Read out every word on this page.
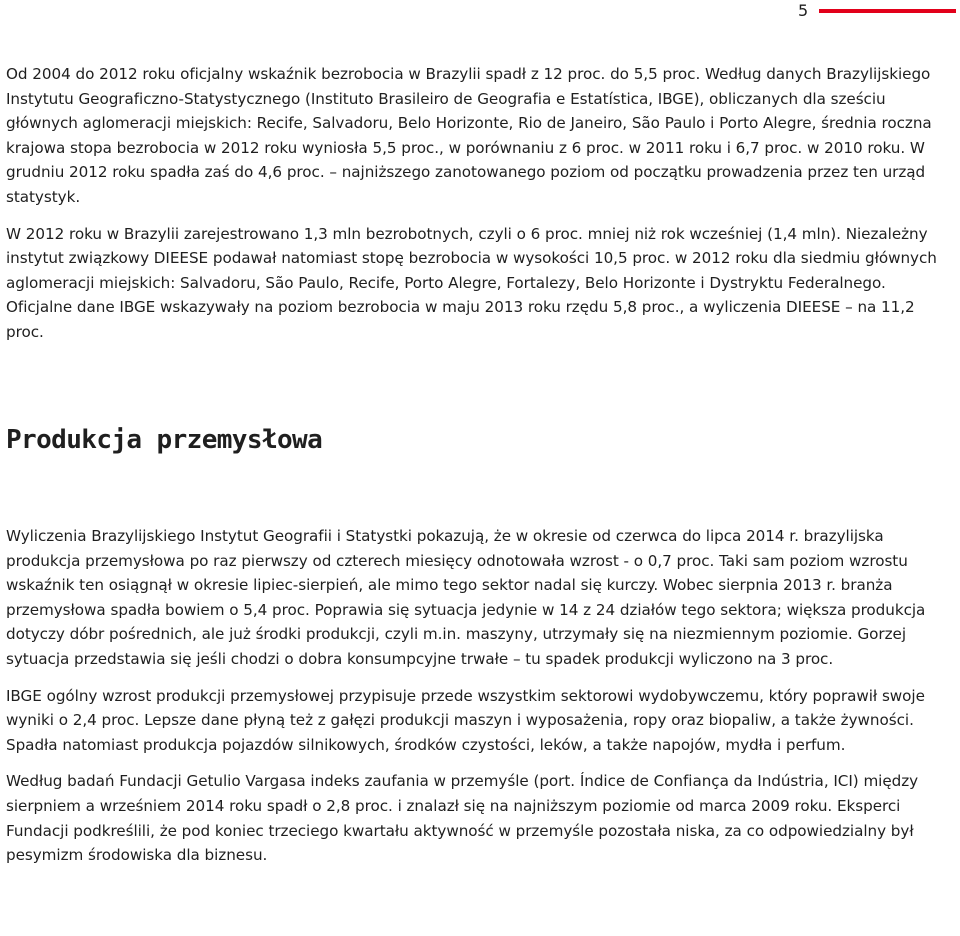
5

Od 2004 do 2012 roku oficjalny wskaźnik bezrobocia w Brazylii spadł z 12 proc. do 5,5 proc. Według danych Brazylijskiego Instytutu Geograficzno-Statystycznego (Instituto Brasileiro de Geografia e Estatística, IBGE), obliczanych dla sześciu głównych aglomeracji miejskich: Recife, Salvadoru, Belo Horizonte, Rio de Janeiro, São Paulo i Porto Alegre, średnia roczna krajowa stopa bezrobocia w 2012 roku wyniosła 5,5 proc., w porównaniu z 6 proc. w 2011 roku i 6,7 proc. w 2010 roku. W grudniu 2012 roku spadła zaś do 4,6 proc. – najniższego zanotowanego poziom od początku prowadzenia przez ten urząd statystyk.

W 2012 roku w Brazylii zarejestrowano 1,3 mln bezrobotnych, czyli o 6 proc. mniej niż rok wcześniej (1,4 mln). Niezależny instytut związkowy DIEESE podawał natomiast stopę bezrobocia w wysokości 10,5 proc. w 2012 roku dla siedmiu głównych aglomeracji miejskich: Salvadoru, São Paulo, Recife, Porto Alegre, Fortalezy, Belo Horizonte i Dystryktu Federalnego. Oficjalne dane IBGE wskazywały na poziom bezrobocia w maju 2013 roku rzędu 5,8 proc., a wyliczenia DIEESE – na 11,2 proc.

Produkcja przemysłowa

Wyliczenia Brazylijskiego Instytut Geografii i Statystki pokazują, że w okresie od czerwca do lipca 2014 r. brazylijska produkcja przemysłowa po raz pierwszy od czterech miesięcy odnotowała wzrost - o 0,7 proc. Taki sam poziom wzrostu wskaźnik ten osiągnął w okresie lipiec-sierpień, ale mimo tego sektor nadal się kurczy. Wobec sierpnia 2013 r. branża przemysłowa spadła bowiem o 5,4 proc. Poprawia się sytuacja jedynie w 14 z 24 działów tego sektora; większa produkcja dotyczy dóbr pośrednich, ale już środki produkcji, czyli m.in. maszyny, utrzymały się na niezmiennym poziomie. Gorzej sytuacja przedstawia się jeśli chodzi o dobra konsumpcyjne trwałe – tu spadek produkcji wyliczono na 3 proc.

IBGE ogólny wzrost produkcji przemysłowej przypisuje przede wszystkim sektorowi wydobywczemu, który poprawił swoje wyniki o 2,4 proc. Lepsze dane płyną też z gałęzi produkcji maszyn i wyposażenia, ropy oraz biopaliw, a także żywności. Spadła natomiast produkcja pojazdów silnikowych, środków czystości, leków, a także napojów, mydła i perfum.

Według badań Fundacji Getulio Vargasa indeks zaufania w przemyśle (port. Índice de Confiança da Indústria, ICI) między sierpniem a wrześniem 2014 roku spadł o 2,8 proc. i znalazł się na najniższym poziomie od marca 2009 roku. Eksperci Fundacji podkreślili, że pod koniec trzeciego kwartału aktywność w przemyśle pozostała niska, za co odpowiedzialny był pesymizm środowiska dla biznesu.
